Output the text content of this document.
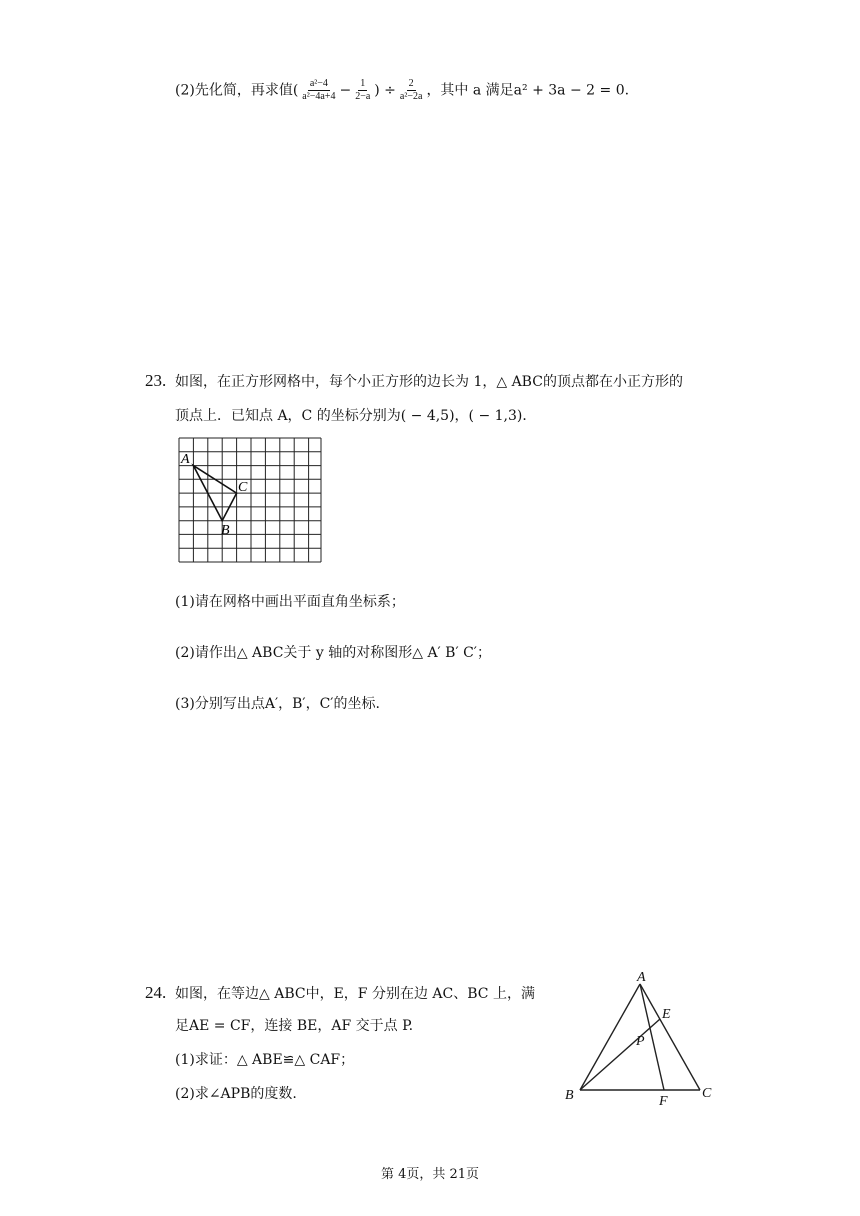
(2)先化简，再求值( $\frac{\text{a²−4}}{\text{a²−4a+4}} - \frac{1}{2-a}$ ) ÷ $\frac{2}{\text{a²−2a}}$ ，其中 a 满足a² + 3a − 2 = 0.
23. 如图，在正方形网格中，每个小正方形的边长为 1，△ ABC的顶点都在小正方形的
顶点上．已知点 A，C 的坐标分别为( − 4,5)，( − 1,3)．
A
C
B
(1)请在网格中画出平面直角坐标系；
(2)请作出△ ABC关于 y 轴的对称图形△ A′ B′ C′；
(3)分别写出点A′，B′，C′的坐标.
24. 如图，在等边△ ABC中，E，F 分别在边 AC、BC 上，满
足AE = CF，连接 BE，AF 交于点 P.
(1)求证：△ ABE≌△ CAF；
(2)求∠APB的度数.
A
E
P
B	C
F
第 4页，共 21页
